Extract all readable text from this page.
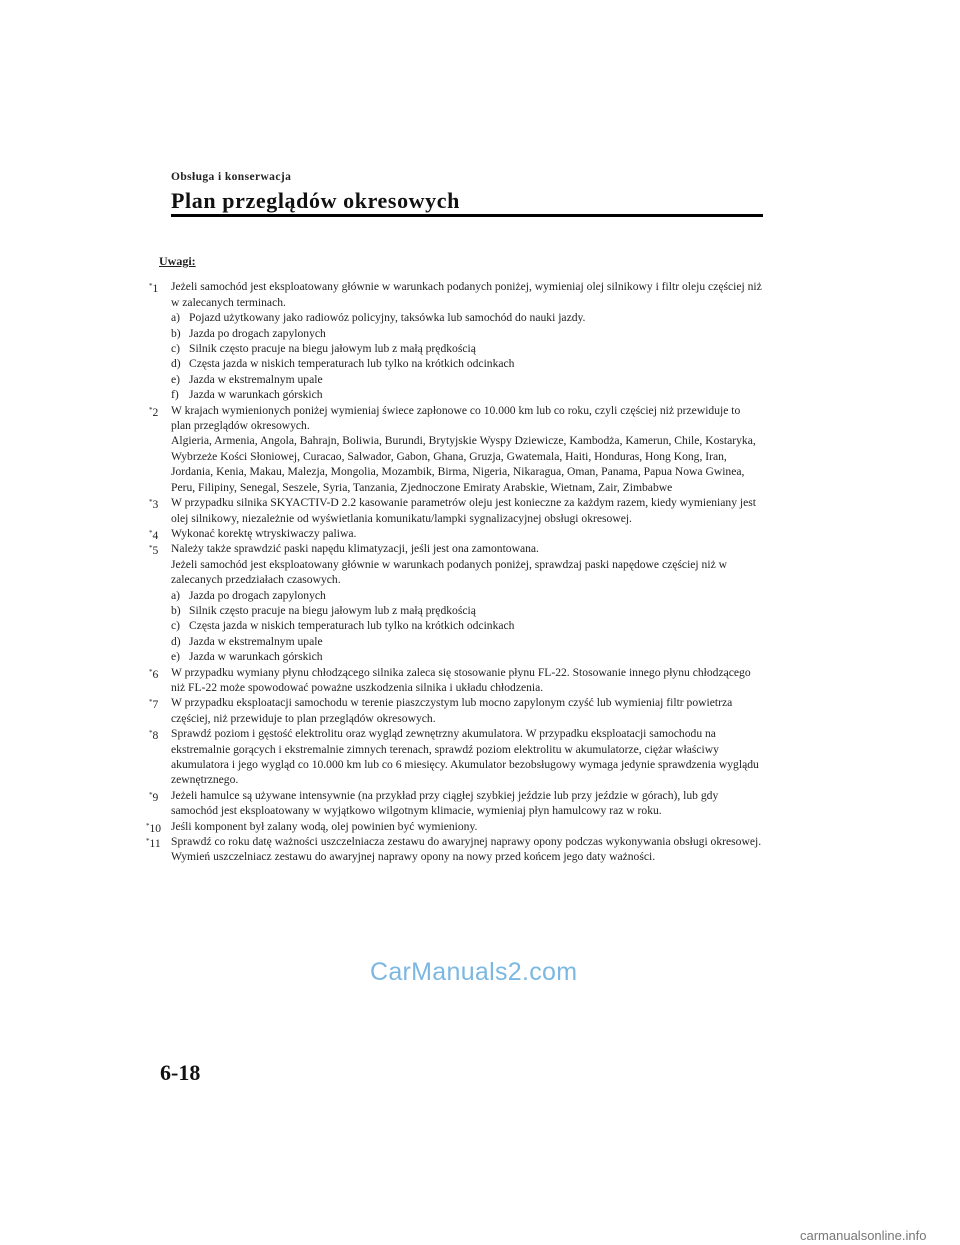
Obsługa i konserwacja
Plan przeglądów okresowych
Uwagi:
*1 Jeżeli samochód jest eksploatowany głównie w warunkach podanych poniżej, wymieniaj olej silnikowy i filtr oleju częściej niż w zalecanych terminach.
a) Pojazd użytkowany jako radiowóz policyjny, taksówka lub samochód do nauki jazdy.
b) Jazda po drogach zapylonych
c) Silnik często pracuje na biegu jałowym lub z małą prędkością
d) Częsta jazda w niskich temperaturach lub tylko na krótkich odcinkach
e) Jazda w ekstremalnym upale
f) Jazda w warunkach górskich
*2 W krajach wymienionych poniżej wymieniaj świece zapłonowe co 10.000 km lub co roku, czyli częściej niż przewiduje to plan przeglądów okresowych.
Algieria, Armenia, Angola, Bahrajn, Boliwia, Burundi, Brytyjskie Wyspy Dziewicze, Kambodża, Kamerun, Chile, Kostaryka, Wybrzeże Kości Słoniowej, Curacao, Salwador, Gabon, Ghana, Gruzja, Gwatemala, Haiti, Honduras, Hong Kong, Iran, Jordania, Kenia, Makau, Malezja, Mongolia, Mozambik, Birma, Nigeria, Nikaragua, Oman, Panama, Papua Nowa Gwinea, Peru, Filipiny, Senegal, Seszele, Syria, Tanzania, Zjednoczone Emiraty Arabskie, Wietnam, Zair, Zimbabwe
*3 W przypadku silnika SKYACTIV-D 2.2 kasowanie parametrów oleju jest konieczne za każdym razem, kiedy wymieniany jest olej silnikowy, niezależnie od wyświetlania komunikatu/lampki sygnalizacyjnej obsługi okresowej.
*4 Wykonać korektę wtryskiwaczy paliwa.
*5 Należy także sprawdzić paski napędu klimatyzacji, jeśli jest ona zamontowana.
Jeżeli samochód jest eksploatowany głównie w warunkach podanych poniżej, sprawdzaj paski napędowe częściej niż w zalecanych przedziałach czasowych.
a) Jazda po drogach zapylonych
b) Silnik często pracuje na biegu jałowym lub z małą prędkością
c) Częsta jazda w niskich temperaturach lub tylko na krótkich odcinkach
d) Jazda w ekstremalnym upale
e) Jazda w warunkach górskich
*6 W przypadku wymiany płynu chłodzącego silnika zaleca się stosowanie płynu FL-22. Stosowanie innego płynu chłodzącego niż FL-22 może spowodować poważne uszkodzenia silnika i układu chłodzenia.
*7 W przypadku eksploatacji samochodu w terenie piaszczystym lub mocno zapylonym czyść lub wymieniaj filtr powietrza częściej, niż przewiduje to plan przeglądów okresowych.
*8 Sprawdź poziom i gęstość elektrolitu oraz wygląd zewnętrzny akumulatora. W przypadku eksploatacji samochodu na ekstremalnie gorących i ekstremalnie zimnych terenach, sprawdź poziom elektrolitu w akumulatorze, ciężar właściwy akumulatora i jego wygląd co 10.000 km lub co 6 miesięcy. Akumulator bezobsługowy wymaga jedynie sprawdzenia wyglądu zewnętrznego.
*9 Jeżeli hamulce są używane intensywnie (na przykład przy ciągłej szybkiej jeździe lub przy jeździe w górach), lub gdy samochód jest eksploatowany w wyjątkowo wilgotnym klimacie, wymieniaj płyn hamulcowy raz w roku.
*10 Jeśli komponent był zalany wodą, olej powinien być wymieniony.
*11 Sprawdź co roku datę ważności uszczelniacza zestawu do awaryjnej naprawy opony podczas wykonywania obsługi okresowej. Wymień uszczelniacz zestawu do awaryjnej naprawy opony na nowy przed końcem jego daty ważności.
CarManuals2.com
6-18
carmanualsonline.info
